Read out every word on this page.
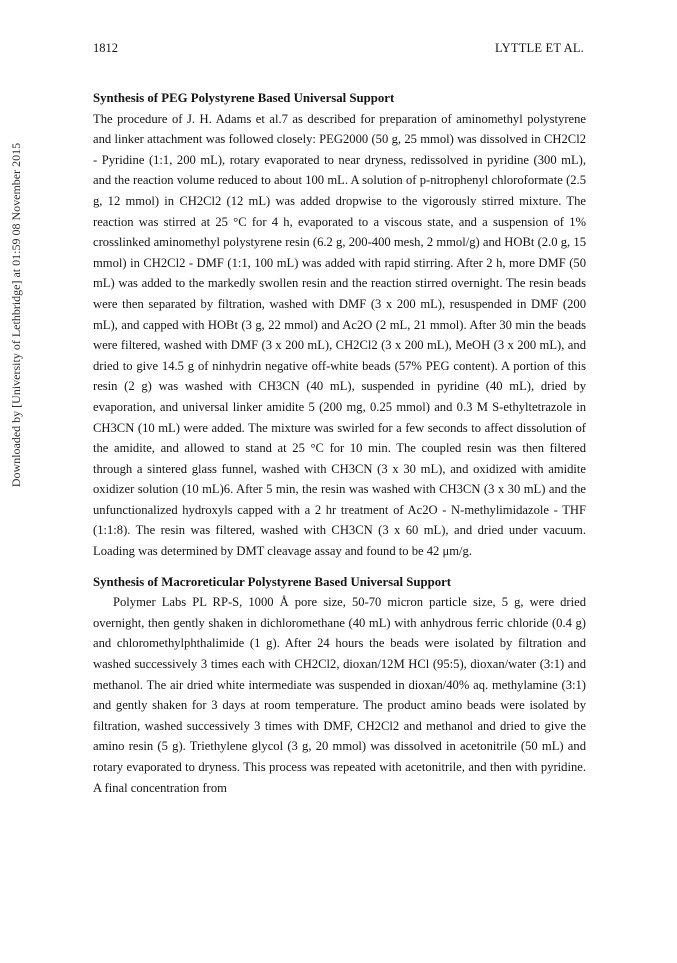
1812	LYTTLE ET AL.
Downloaded by [University of Lethbridge] at 01:59 08 November 2015

Synthesis of PEG Polystyrene Based Universal Support

The procedure of J. H. Adams et al.7 as described for preparation of aminomethyl polystyrene and linker attachment was followed closely: PEG2000 (50 g, 25 mmol) was dissolved in CH2Cl2 - Pyridine (1:1, 200 mL), rotary evaporated to near dryness, redissolved in pyridine (300 mL), and the reaction volume reduced to about 100 mL. A solution of p-nitrophenyl chloroformate (2.5 g, 12 mmol) in CH2Cl2 (12 mL) was added dropwise to the vigorously stirred mixture. The reaction was stirred at 25 °C for 4 h, evaporated to a viscous state, and a suspension of 1% crosslinked aminomethyl polystyrene resin (6.2 g, 200-400 mesh, 2 mmol/g) and HOBt (2.0 g, 15 mmol) in CH2Cl2 - DMF (1:1, 100 mL) was added with rapid stirring. After 2 h, more DMF (50 mL) was added to the markedly swollen resin and the reaction stirred overnight. The resin beads were then separated by filtration, washed with DMF (3 x 200 mL), resuspended in DMF (200 mL), and capped with HOBt (3 g, 22 mmol) and Ac2O (2 mL, 21 mmol). After 30 min the beads were filtered, washed with DMF (3 x 200 mL), CH2Cl2 (3 x 200 mL), MeOH (3 x 200 mL), and dried to give 14.5 g of ninhydrin negative off-white beads (57% PEG content). A portion of this resin (2 g) was washed with CH3CN (40 mL), suspended in pyridine (40 mL), dried by evaporation, and universal linker amidite 5 (200 mg, 0.25 mmol) and 0.3 M S-ethyltetrazole in CH3CN (10 mL) were added. The mixture was swirled for a few seconds to affect dissolution of the amidite, and allowed to stand at 25 °C for 10 min. The coupled resin was then filtered through a sintered glass funnel, washed with CH3CN (3 x 30 mL), and oxidized with amidite oxidizer solution (10 mL)6. After 5 min, the resin was washed with CH3CN (3 x 30 mL) and the unfunctionalized hydroxyls capped with a 2 hr treatment of Ac2O - N-methylimidazole - THF (1:1:8). The resin was filtered, washed with CH3CN (3 x 60 mL), and dried under vacuum. Loading was determined by DMT cleavage assay and found to be 42 μm/g.

Synthesis of Macroreticular Polystyrene Based Universal Support

Polymer Labs PL RP-S, 1000 Å pore size, 50-70 micron particle size, 5 g, were dried overnight, then gently shaken in dichloromethane (40 mL) with anhydrous ferric chloride (0.4 g) and chloromethylphthalimide (1 g). After 24 hours the beads were isolated by filtration and washed successively 3 times each with CH2Cl2, dioxan/12M HCl (95:5), dioxan/water (3:1) and methanol. The air dried white intermediate was suspended in dioxan/40% aq. methylamine (3:1) and gently shaken for 3 days at room temperature. The product amino beads were isolated by filtration, washed successively 3 times with DMF, CH2Cl2 and methanol and dried to give the amino resin (5 g). Triethylene glycol (3 g, 20 mmol) was dissolved in acetonitrile (50 mL) and rotary evaporated to dryness. This process was repeated with acetonitrile, and then with pyridine. A final concentration from
